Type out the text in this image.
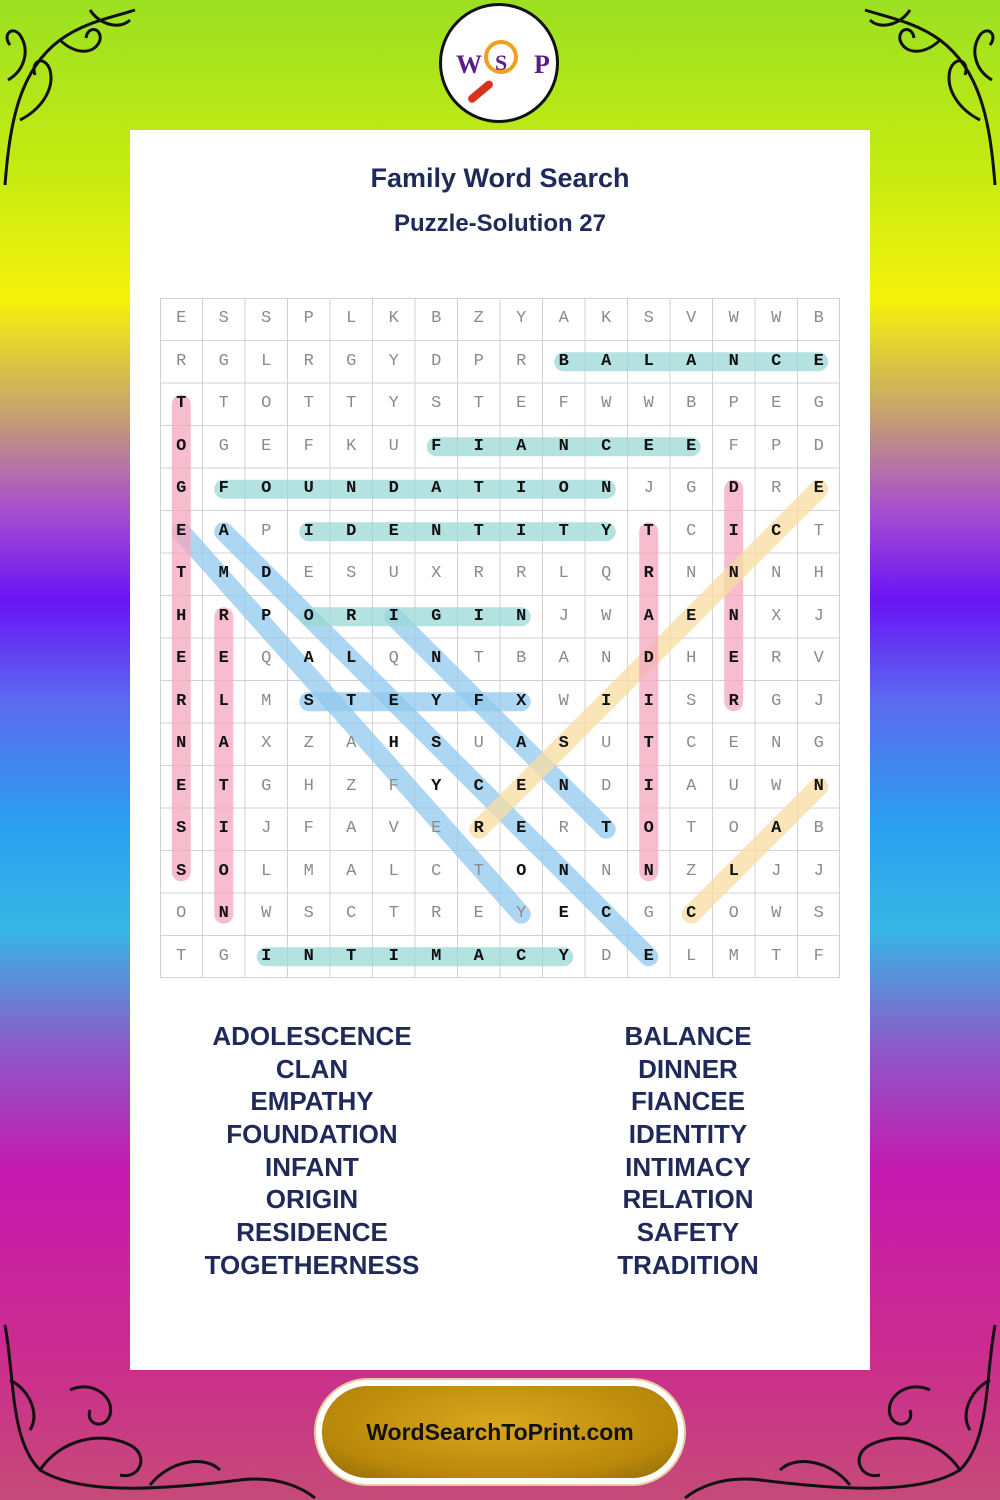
W S P
Family Word Search
Puzzle-Solution 27
E	S	S	P	L	K	B	Z	Y	A	K	S	V	W	W	B
R	G	L	R	G	Y	D	P	R	B	A	L	A	N	C	E
T	T	O	T	T	Y	S	T	E	F	W	W	B	P	E	G
O	G	E	F	K	U	F	I	A	N	C	E	E	F	P	D
G	F	O	U	N	D	A	T	I	O	N	J	G	D	R	E
E	A	P	I	D	E	N	T	I	T	Y	T	C	I	C	T
T	M	D	E	S	U	X	R	R	L	Q	R	N	N	N	H
H	R	P	O	R	I	G	I	N	J	W	A	E	N	X	J
E	E	Q	A	L	Q	N	T	B	A	N	D	H	E	R	V
R	L	M	S	T	E	Y	F	X	W	I	I	S	R	G	J
N	A	X	Z	A	H	S	U	A	S	U	T	C	E	N	G
E	T	G	H	Z	F	Y	C	E	N	D	I	A	U	W	N
S	I	J	F	A	V	E	R	E	R	T	O	T	O	A	B
S	O	L	M	A	L	C	T	O	N	N	N	Z	L	J	J
O	N	W	S	C	T	R	E	Y	E	C	G	C	O	W	S
T	G	I	N	T	I	M	A	C	Y	D	E	L	M	T	F
ADOLESCENCE
CLAN
EMPATHY
FOUNDATION
INFANT
ORIGIN
RESIDENCE
TOGETHERNESS
BALANCE
DINNER
FIANCEE
IDENTITY
INTIMACY
RELATION
SAFETY
TRADITION
WordSearchToPrint.com
